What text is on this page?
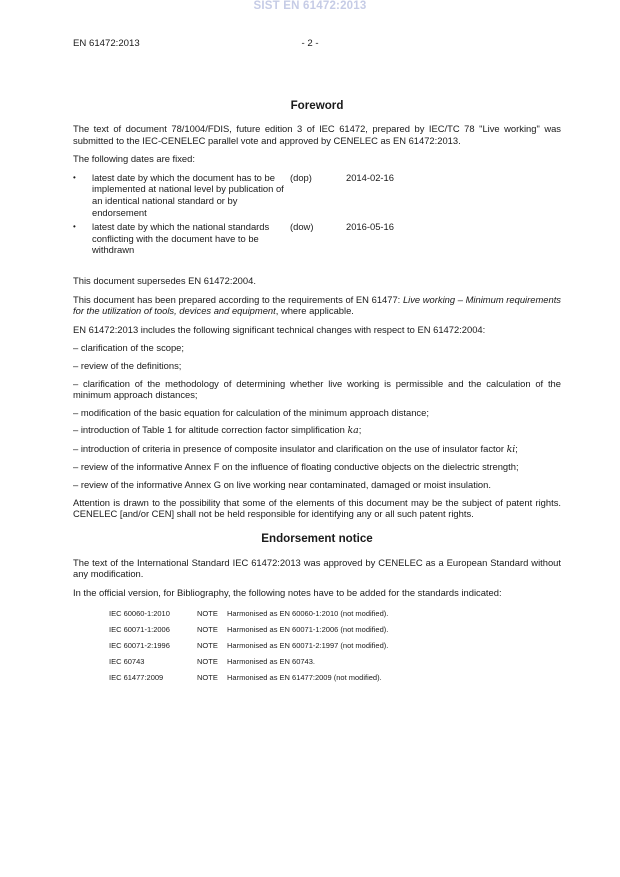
SIST EN 61472:2013
EN 61472:2013	- 2 -
Foreword

The text of document 78/1004/FDIS, future edition 3 of IEC 61472, prepared by IEC/TC 78 "Live working" was submitted to the IEC-CENELEC parallel vote and approved by CENELEC as EN 61472:2013.

The following dates are fixed:

•	latest date by which the document has to be implemented at national level by publication of an identical national standard or by endorsement
(dop)	2014-02-16
•	latest date by which the national standards conflicting with the document have to be withdrawn
(dow)	2016-05-16

This document supersedes EN 61472:2004.

This document has been prepared according to the requirements of EN 61477: Live working – Minimum requirements for the utilization of tools, devices and equipment, where applicable.

EN 61472:2013 includes the following significant technical changes with respect to EN 61472:2004:

– clarification of the scope;

– review of the definitions;

– clarification of the methodology of determining whether live working is permissible and the calculation of the minimum approach distances;

– modification of the basic equation for calculation of the minimum approach distance;

– introduction of Table 1 for altitude correction factor simplification ka;

– introduction of criteria in presence of composite insulator and clarification on the use of insulator factor ki;

– review of the informative Annex F on the influence of floating conductive objects on the dielectric strength;

– review of the informative Annex G on live working near contaminated, damaged or moist insulation.

Attention is drawn to the possibility that some of the elements of this document may be the subject of patent rights. CENELEC [and/or CEN] shall not be held responsible for identifying any or all such patent rights.

Endorsement notice

The text of the International Standard IEC 61472:2013 was approved by CENELEC as a European Standard without any modification.

In the official version, for Bibliography, the following notes have to be added for the standards indicated:

IEC 60060-1:2010	NOTE	Harmonised as EN 60060-1:2010 (not modified).
IEC 60071-1:2006	NOTE	Harmonised as EN 60071-1:2006 (not modified).
IEC 60071-2:1996	NOTE	Harmonised as EN 60071-2:1997 (not modified).
IEC 60743	NOTE	Harmonised as EN 60743.
IEC 61477:2009	NOTE	Harmonised as EN 61477:2009 (not modified).
